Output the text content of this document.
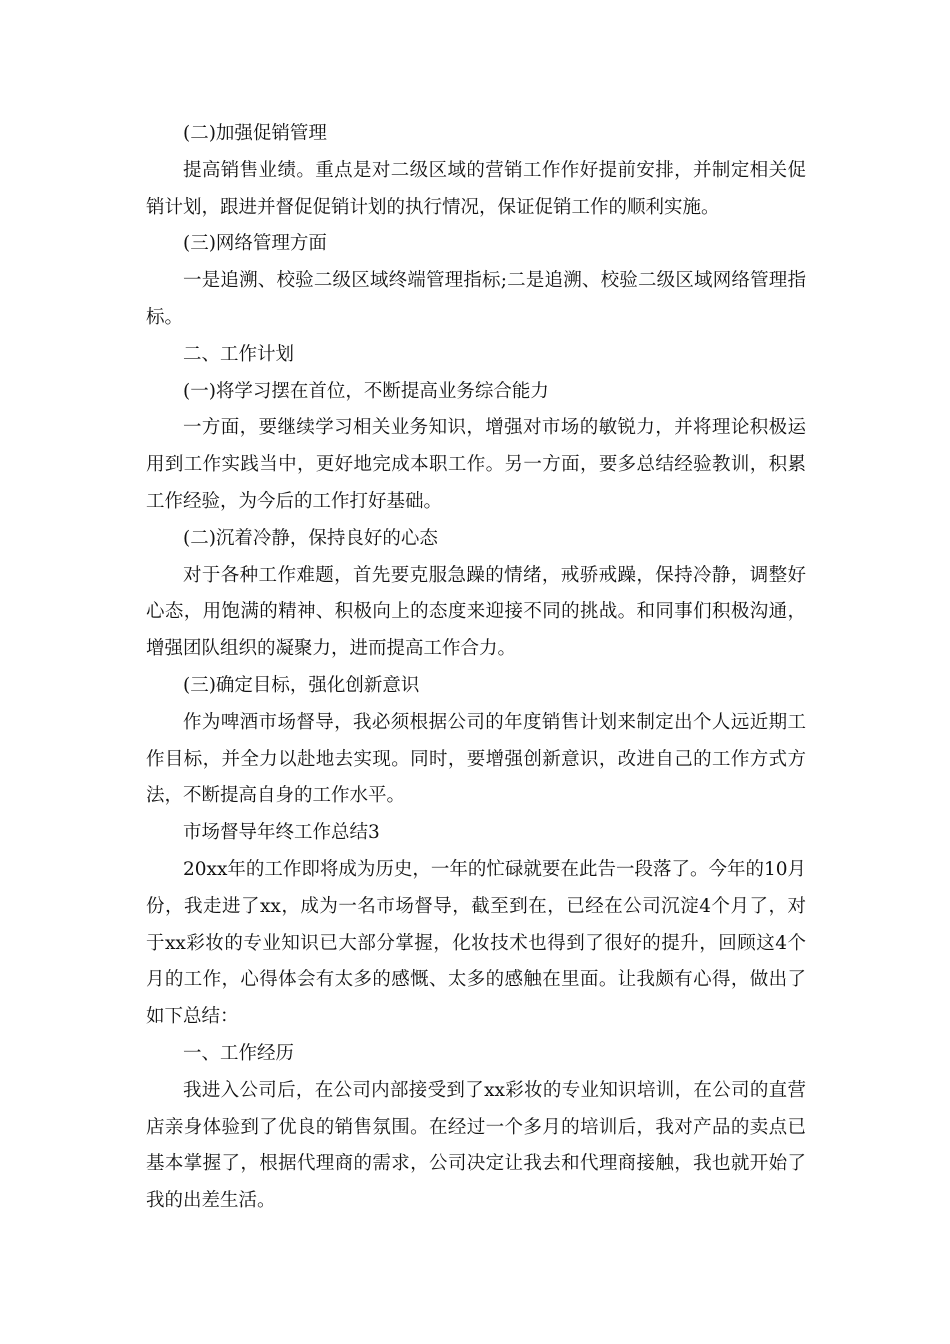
(二)加强促销管理

提高销售业绩。重点是对二级区域的营销工作作好提前安排，并制定相关促销计划，跟进并督促促销计划的执行情况，保证促销工作的顺利实施。

(三)网络管理方面

一是追溯、校验二级区域终端管理指标;二是追溯、校验二级区域网络管理指标。

二、工作计划

(一)将学习摆在首位，不断提高业务综合能力

一方面，要继续学习相关业务知识，增强对市场的敏锐力，并将理论积极运用到工作实践当中，更好地完成本职工作。另一方面，要多总结经验教训，积累工作经验，为今后的工作打好基础。

(二)沉着冷静，保持良好的心态

对于各种工作难题，首先要克服急躁的情绪，戒骄戒躁，保持冷静，调整好心态，用饱满的精神、积极向上的态度来迎接不同的挑战。和同事们积极沟通，增强团队组织的凝聚力，进而提高工作合力。

(三)确定目标，强化创新意识

作为啤酒市场督导，我必须根据公司的年度销售计划来制定出个人远近期工作目标，并全力以赴地去实现。同时，要增强创新意识，改进自己的工作方式方法，不断提高自身的工作水平。

市场督导年终工作总结3

20xx年的工作即将成为历史，一年的忙碌就要在此告一段落了。今年的10月份，我走进了xx，成为一名市场督导，截至到在，已经在公司沉淀4个月了，对于xx彩妆的专业知识已大部分掌握，化妆技术也得到了很好的提升，回顾这4个月的工作，心得体会有太多的感慨、太多的感触在里面。让我颇有心得，做出了如下总结：

一、工作经历

我进入公司后，在公司内部接受到了xx彩妆的专业知识培训，在公司的直营店亲身体验到了优良的销售氛围。在经过一个多月的培训后，我对产品的卖点已基本掌握了，根据代理商的需求，公司决定让我去和代理商接触，我也就开始了我的出差生活。
